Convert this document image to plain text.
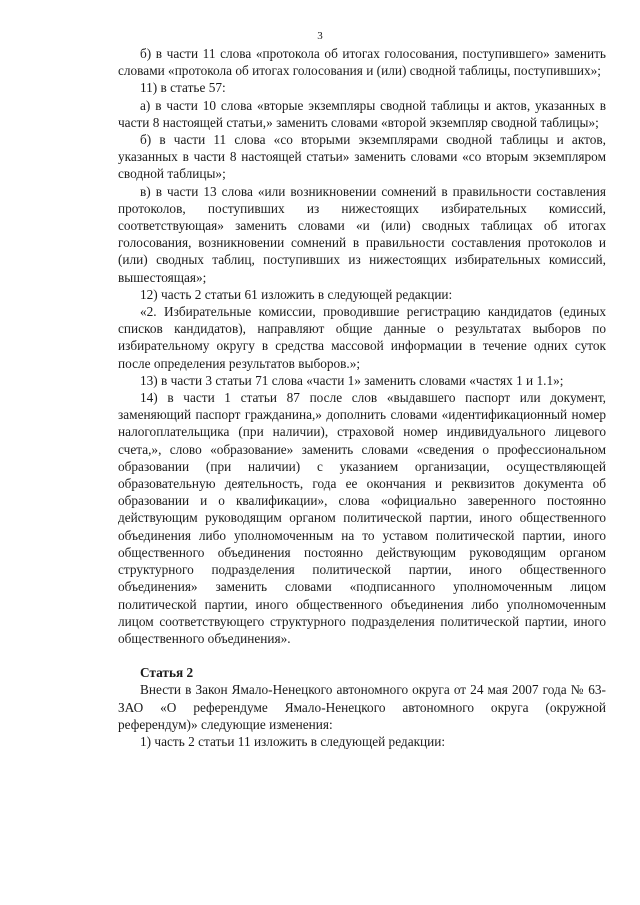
3

б) в части 11 слова «протокола об итогах голосования, поступившего» заменить словами «протокола об итогах голосования и (или) сводной таблицы, поступивших»;

11) в статье 57:

а) в части 10 слова «вторые экземпляры сводной таблицы и актов, указанных в части 8 настоящей статьи,» заменить словами «второй экземпляр сводной таблицы»;

б) в части 11 слова «со вторыми экземплярами сводной таблицы и актов, указанных в части 8 настоящей статьи» заменить словами «со вторым экземпляром сводной таблицы»;

в) в части 13 слова «или возникновении сомнений в правильности составления протоколов, поступивших из нижестоящих избирательных комиссий, соответствующая» заменить словами «и (или) сводных таблицах об итогах голосования, возникновении сомнений в правильности составления протоколов и (или) сводных таблиц, поступивших из нижестоящих избирательных комиссий, вышестоящая»;

12) часть 2 статьи 61 изложить в следующей редакции:

«2. Избирательные комиссии, проводившие регистрацию кандидатов (единых списков кандидатов), направляют общие данные о результатах выборов по избирательному округу в средства массовой информации в течение одних суток после определения результатов выборов.»;

13) в части 3 статьи 71 слова «части 1» заменить словами «частях 1 и 1.1»;

14) в части 1 статьи 87 после слов «выдавшего паспорт или документ, заменяющий паспорт гражданина,» дополнить словами «идентификационный номер налогоплательщика (при наличии), страховой номер индивидуального лицевого счета,», слово «образование» заменить словами «сведения о профессиональном образовании (при наличии) с указанием организации, осуществляющей образовательную деятельность, года ее окончания и реквизитов документа об образовании и о квалификации», слова «официально заверенного постоянно действующим руководящим органом политической партии, иного общественного объединения либо уполномоченным на то уставом политической партии, иного общественного объединения постоянно действующим руководящим органом структурного подразделения политической партии, иного общественного объединения» заменить словами «подписанного уполномоченным лицом политической партии, иного общественного объединения либо уполномоченным лицом соответствующего структурного подразделения политической партии, иного общественного объединения».

Статья 2

Внести в Закон Ямало-Ненецкого автономного округа от 24 мая 2007 года № 63-ЗАО «О референдуме Ямало-Ненецкого автономного округа (окружной референдум)» следующие изменения:

1) часть 2 статьи 11 изложить в следующей редакции:
